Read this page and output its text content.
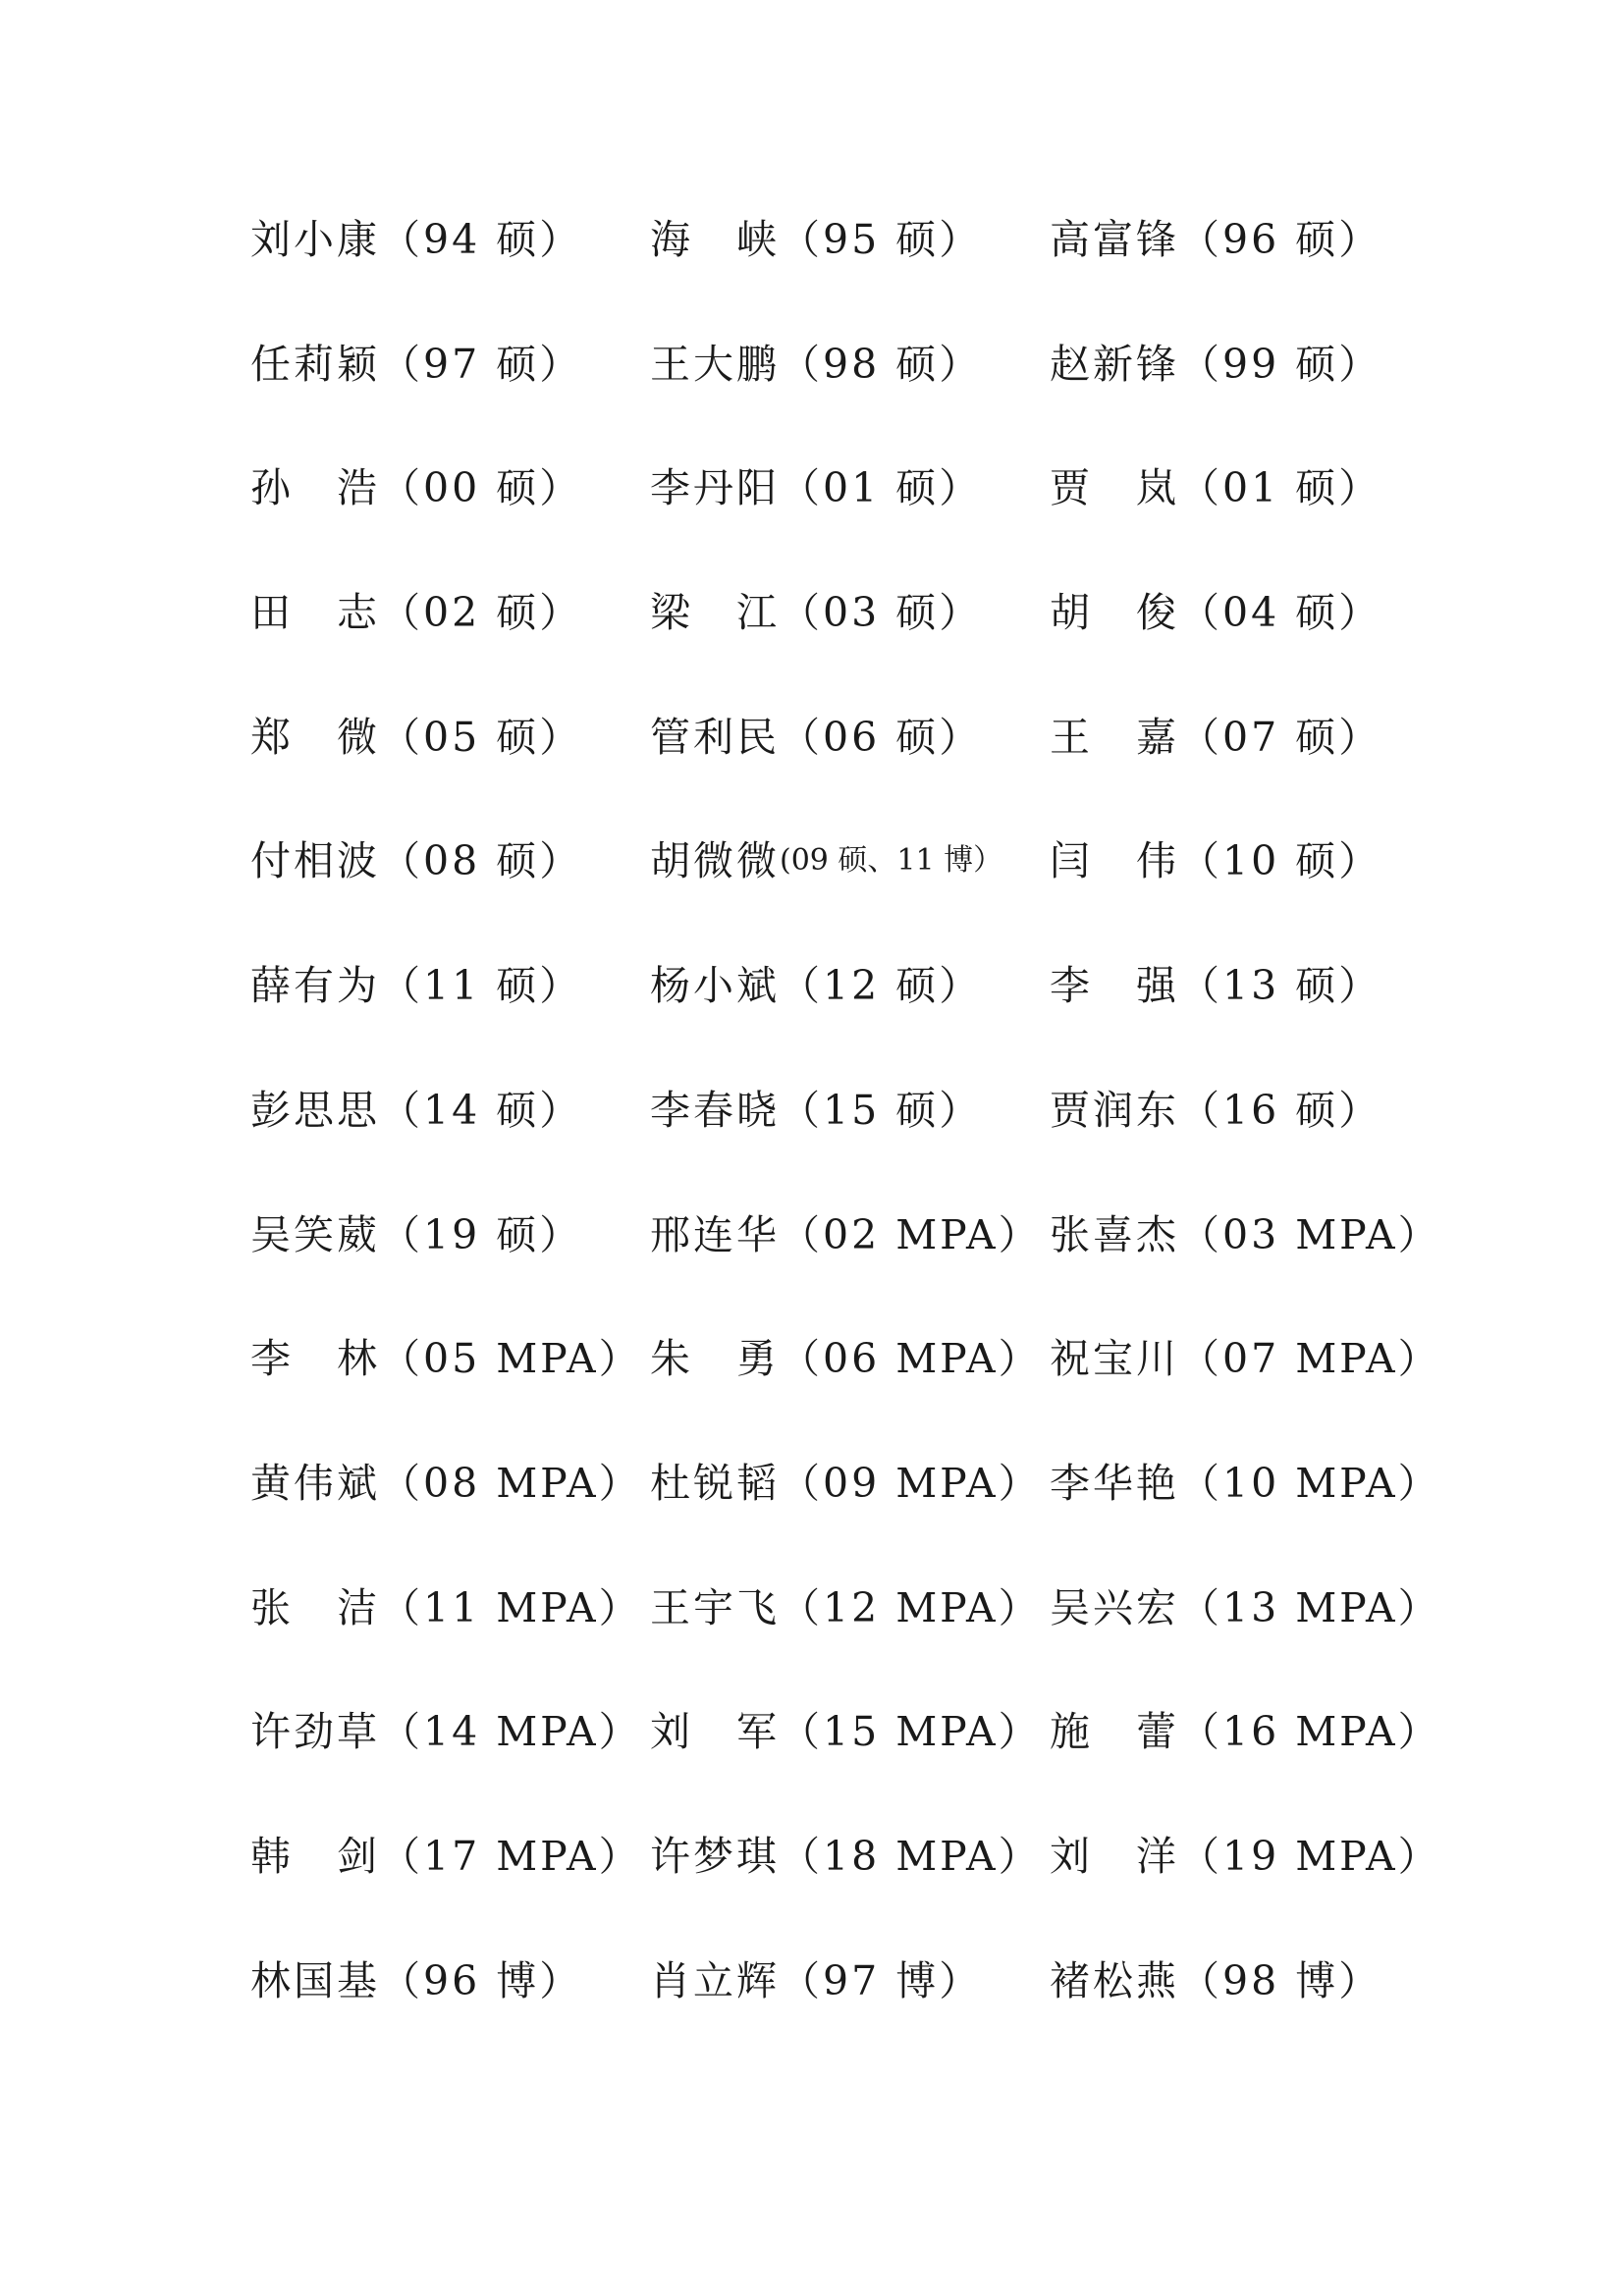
刘小康 （94 硕） 海　峡 （95 硕） 高富锋 （96 硕）
任莉颖 （97 硕） 王大鹏 （98 硕） 赵新锋 （99 硕）
孙　浩 （00 硕） 李丹阳 （01 硕） 贾　岚 （01 硕）
田　志 （02 硕） 梁　江 （03 硕） 胡　俊 （04 硕）
郑　微 （05 硕） 管利民 （06 硕） 王　嘉 （07 硕）
付相波 （08 硕） 胡微微 (09 硕、11 博） 闫　伟 （10 硕）
薛有为 （11 硕） 杨小斌 （12 硕） 李　强 （13 硕）
彭思思 （14 硕） 李春晓 （15 硕） 贾润东 （16 硕）
吴笑葳 （19 硕） 邢连华 （02 MPA） 张喜杰 （03 MPA）
李　林 （05 MPA） 朱　勇 （06 MPA） 祝宝川 （07 MPA）
黄伟斌 （08 MPA） 杜锐韬 （09 MPA） 李华艳 （10 MPA）
张　洁 （11 MPA） 王宇飞 （12 MPA） 吴兴宏 （13 MPA）
许劲草 （14 MPA） 刘　军 （15 MPA） 施　蕾 （16 MPA）
韩　剑 （17 MPA） 许梦琪 （18 MPA） 刘　洋 （19 MPA）
林国基 （96 博） 肖立辉 （97 博） 褚松燕 （98 博）
